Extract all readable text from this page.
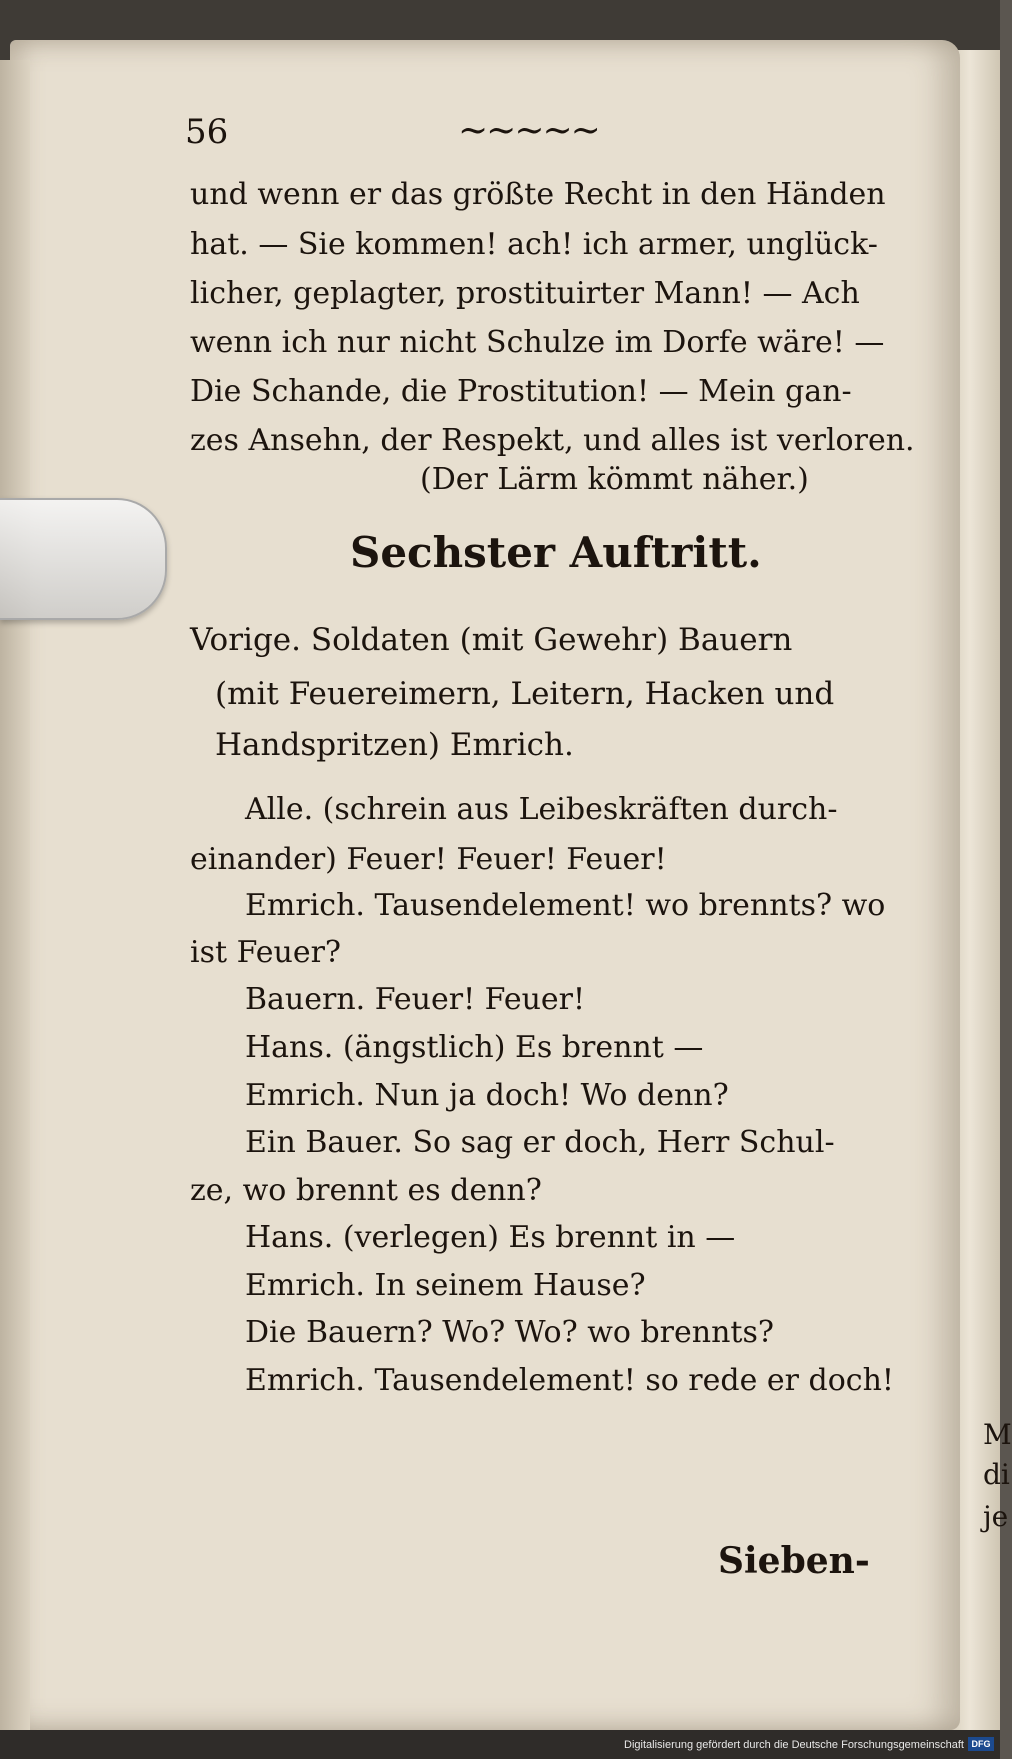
56	~~~~~
und wenn er das größte Recht in den Händen
hat. — Sie kommen! ach! ich armer, unglück-
licher, geplagter, prostituirter Mann! — Ach
wenn ich nur nicht Schulze im Dorfe wäre! —
Die Schande, die Prostitution! — Mein gan-
zes Ansehn, der Respekt, und alles ist verloren.
(Der Lärm kömmt näher.)
Sechster Auftritt.
Vorige. Soldaten (mit Gewehr) Bauern
(mit Feuereimern, Leitern, Hacken und
Handspritzen) Emrich.
Alle. (schrein aus Leibeskräften durch-
einander) Feuer! Feuer! Feuer!
Emrich. Tausendelement! wo brennts? wo
ist Feuer?
Bauern. Feuer! Feuer!
Hans. (ängstlich) Es brennt —
Emrich. Nun ja doch! Wo denn?
Ein Bauer. So sag er doch, Herr Schul-
ze, wo brennt es denn?
Hans. (verlegen) Es brennt in —
Emrich. In seinem Hause?
Die Bauern? Wo? Wo? wo brennts?
Emrich. Tausendelement! so rede er doch!
Sieben-
M
di
je
Digitalisierung gefördert durch die Deutsche Forschungsgemeinschaft DFG
